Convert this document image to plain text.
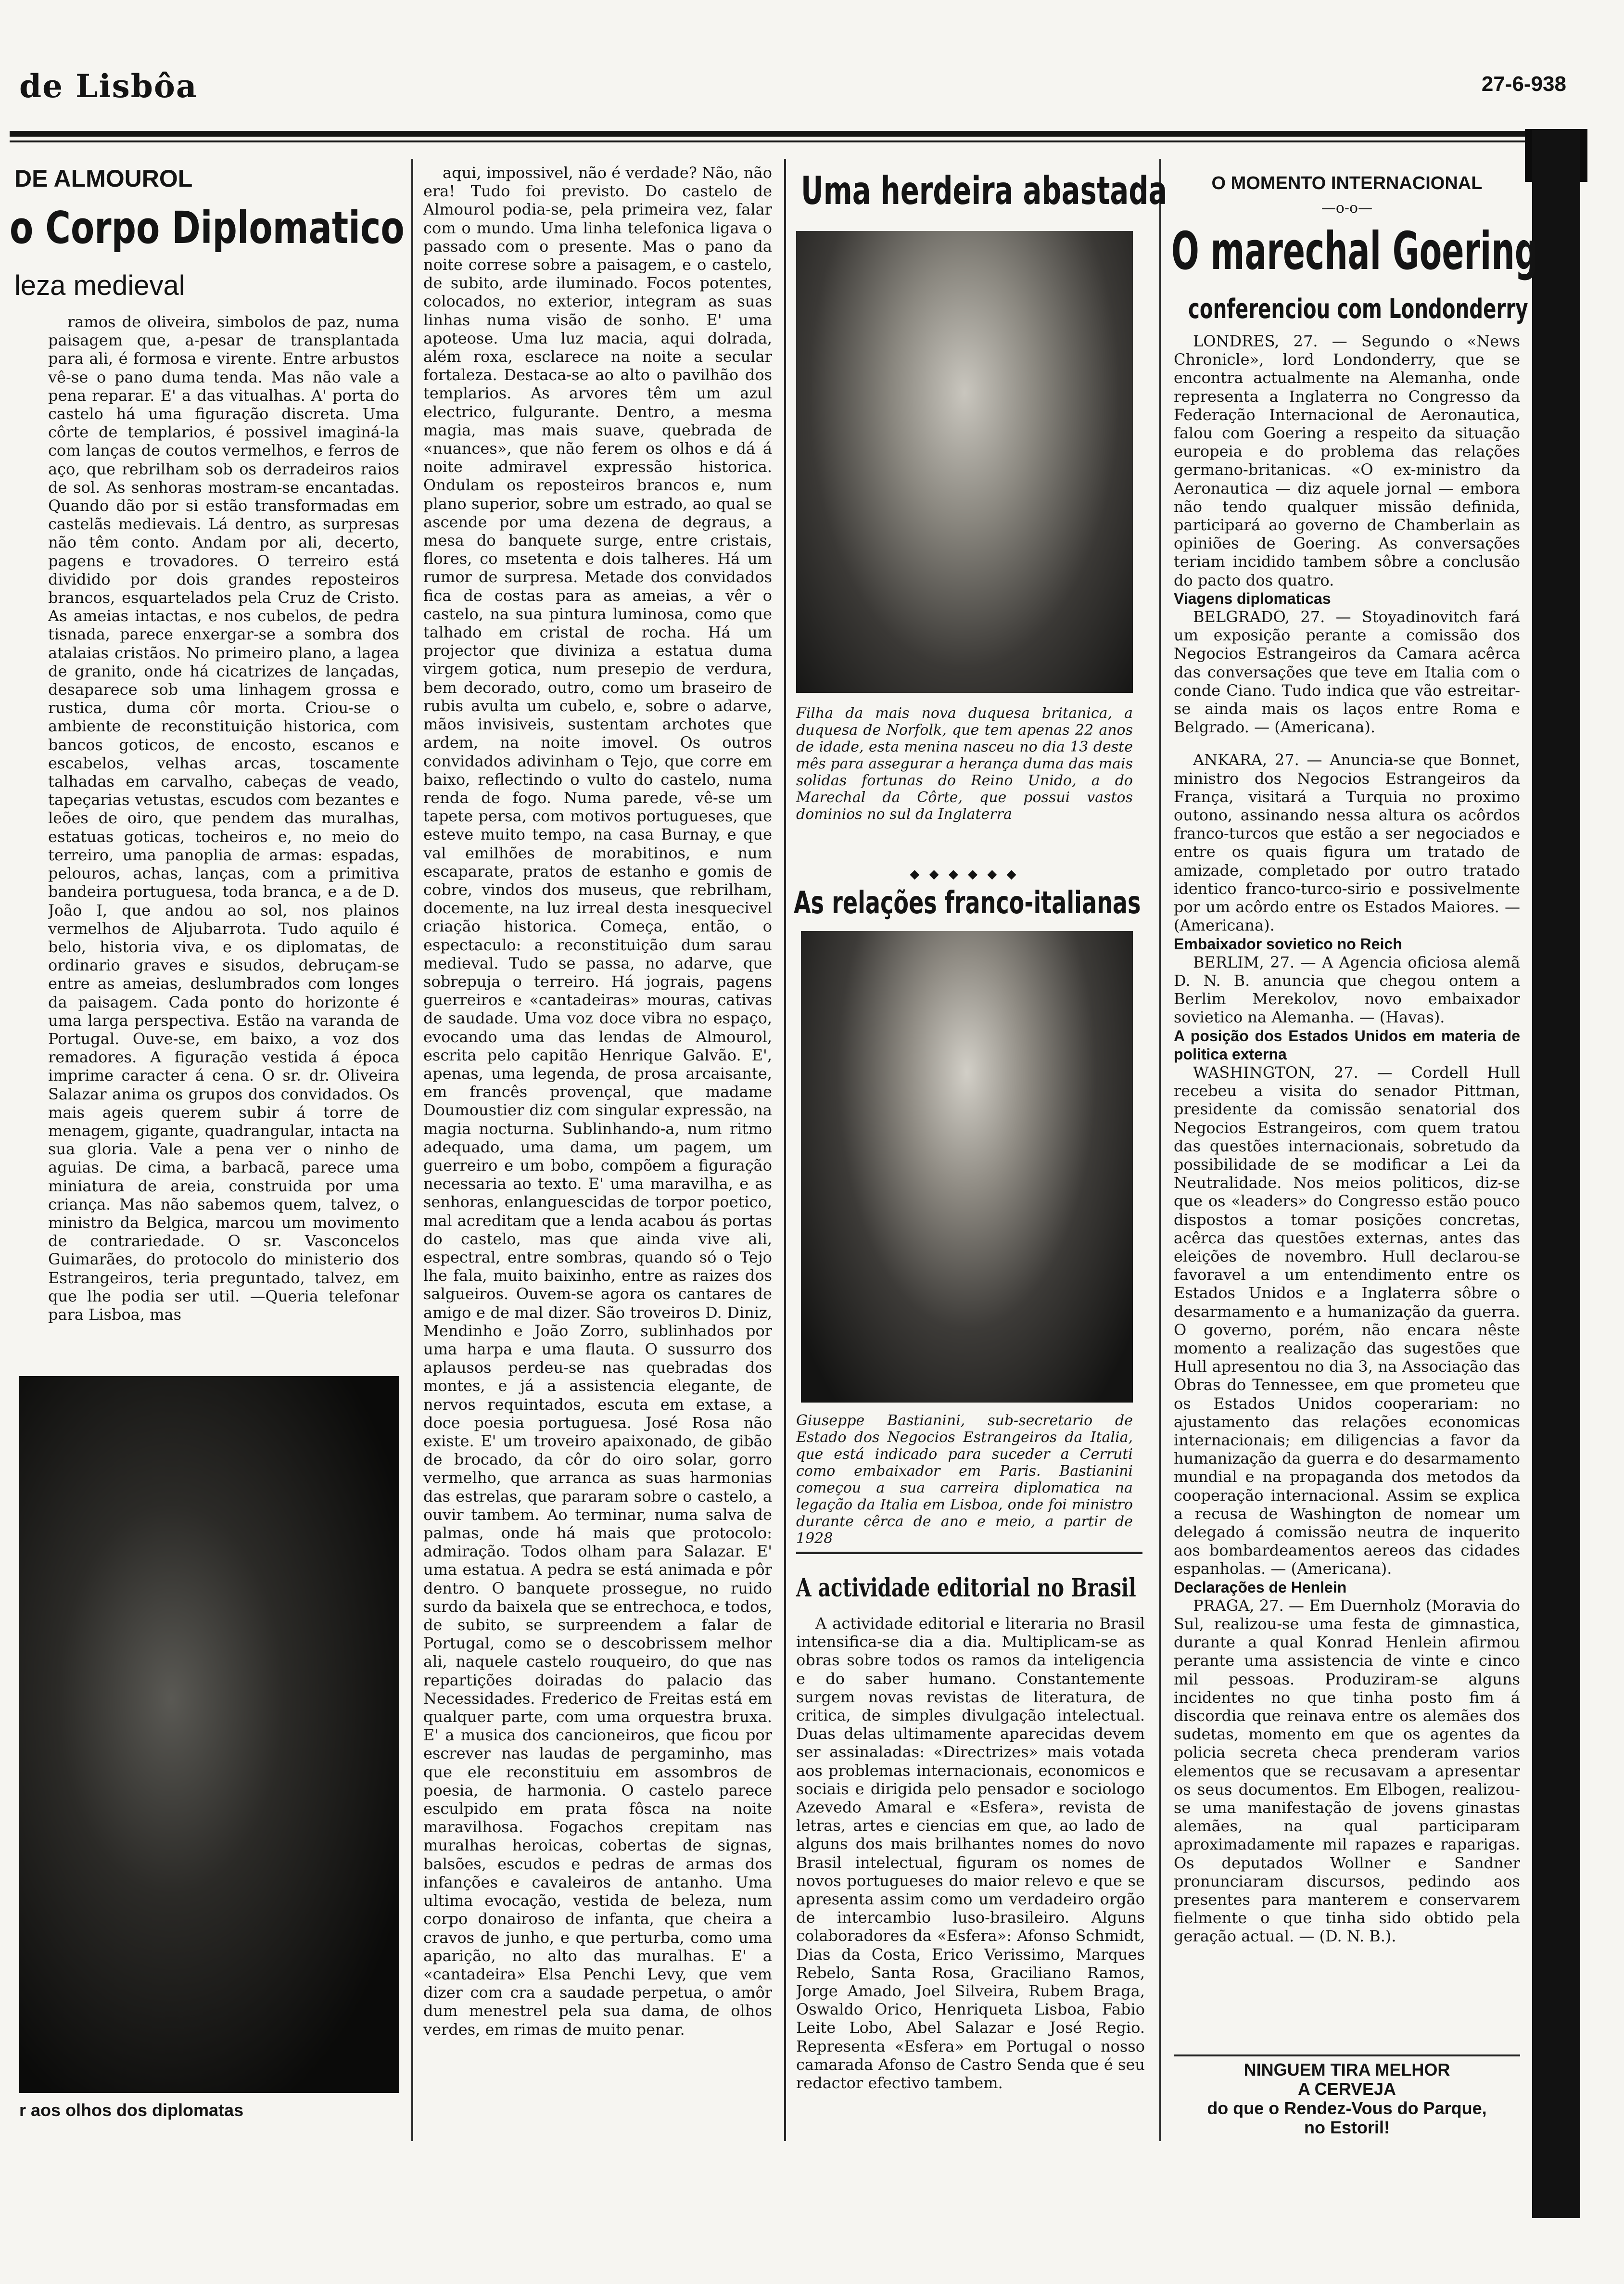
de Lisbôa	27-6-938
DE ALMOUROL
o Corpo Diplomatico
leza medieval

ramos de oliveira, simbolos de paz, numa paisagem que, a-pesar de transplantada para ali, é formosa e virente. Entre arbustos vê-se o pano duma tenda. Mas não vale a pena reparar. E' a das vitualhas. A' porta do castelo há uma figuração discreta. Uma côrte de templarios, é possivel imaginá-la com lanças de coutos vermelhos, e ferros de aço, que rebrilham sob os derradeiros raios de sol. As senhoras mostram-se encantadas. Quando dão por si estão transformadas em castelãs medievais. Lá dentro, as surpresas não têm conto. Andam por ali, decerto, pagens e trovadores. O terreiro está dividido por dois grandes reposteiros brancos, esquartelados pela Cruz de Cristo. As ameias intactas, e nos cubelos, de pedra tisnada, parece enxergar-se a sombra dos atalaias cristãos. No primeiro plano, a lagea de granito, onde há cicatrizes de lançadas, desaparece sob uma linhagem grossa e rustica, duma côr morta. Criou-se o ambiente de reconstituição historica, com bancos goticos, de encosto, escanos e escabelos, velhas arcas, toscamente talhadas em carvalho, cabeças de veado, tapeçarias vetustas, escudos com bezantes e leões de oiro, que pendem das muralhas, estatuas goticas, tocheiros e, no meio do terreiro, uma panoplia de armas: espadas, pelouros, achas, lanças, com a primitiva bandeira portuguesa, toda branca, e a de D. João I, que andou ao sol, nos plainos vermelhos de Aljubarrota. Tudo aquilo é belo, historia viva, e os diplomatas, de ordinario graves e sisudos, debruçam-se entre as ameias, deslumbrados com longes da paisagem. Cada ponto do horizonte é uma larga perspectiva. Estão na varanda de Portugal. Ouve-se, em baixo, a voz dos remadores. A figuração vestida á época imprime caracter á cena. O sr. dr. Oliveira Salazar anima os grupos dos convidados. Os mais ageis querem subir á torre de menagem, gigante, quadrangular, intacta na sua gloria. Vale a pena ver o ninho de aguias. De cima, a barbacã, parece uma miniatura de areia, construida por uma criança. Mas não sabemos quem, talvez, o ministro da Belgica, marcou um movimento de contrariedade. O sr. Vasconcelos Guimarães, do protocolo do ministerio dos Estrangeiros, teria preguntado, talvez, em que lhe podia ser util. —Queria telefonar para Lisboa, mas

r aos olhos dos diplomatas

aqui, impossivel, não é verdade? Não, não era! Tudo foi previsto. Do castelo de Almourol podia-se, pela primeira vez, falar com o mundo. Uma linha telefonica ligava o passado com o presente. Mas o pano da noite correse sobre a paisagem, e o castelo, de subito, arde iluminado. Focos potentes, colocados, no exterior, integram as suas linhas numa visão de sonho. E' uma apoteose. Uma luz macia, aqui dolrada, além roxa, esclarece na noite a secular fortaleza. Destaca-se ao alto o pavilhão dos templarios. As arvores têm um azul electrico, fulgurante. Dentro, a mesma magia, mas mais suave, quebrada de «nuances», que não ferem os olhos e dá á noite admiravel expressão historica. Ondulam os reposteiros brancos e, num plano superior, sobre um estrado, ao qual se ascende por uma dezena de degraus, a mesa do banquete surge, entre cristais, flores, co msetenta e dois talheres. Há um rumor de surpresa. Metade dos convidados fica de costas para as ameias, a vêr o castelo, na sua pintura luminosa, como que talhado em cristal de rocha. Há um projector que diviniza a estatua duma virgem gotica, num presepio de verdura, bem decorado, outro, como um braseiro de rubis avulta um cubelo, e, sobre o adarve, mãos invisiveis, sustentam archotes que ardem, na noite imovel. Os outros convidados adivinham o Tejo, que corre em baixo, reflectindo o vulto do castelo, numa renda de fogo. Numa parede, vê-se um tapete persa, com motivos portugueses, que esteve muito tempo, na casa Burnay, e que val emilhões de morabitinos, e num escaparate, pratos de estanho e gomis de cobre, vindos dos museus, que rebrilham, docemente, na luz irreal desta inesquecivel criação historica. Começa, então, o espectaculo: a reconstituição dum sarau medieval. Tudo se passa, no adarve, que sobrepuja o terreiro. Há jograis, pagens guerreiros e «cantadeiras» mouras, cativas de saudade. Uma voz doce vibra no espaço, evocando uma das lendas de Almourol, escrita pelo capitão Henrique Galvão. E', apenas, uma legenda, de prosa arcaisante, em francês provençal, que madame Doumoustier diz com singular expressão, na magia nocturna. Sublinhando-a, num ritmo adequado, uma dama, um pagem, um guerreiro e um bobo, compõem a figuração necessaria ao texto. E' uma maravilha, e as senhoras, enlanguescidas de torpor poetico, mal acreditam que a lenda acabou ás portas do castelo, mas que ainda vive ali, espectral, entre sombras, quando só o Tejo lhe fala, muito baixinho, entre as raizes dos salgueiros. Ouvem-se agora os cantares de amigo e de mal dizer. São troveiros D. Diniz, Mendinho e João Zorro, sublinhados por uma harpa e uma flauta. O sussurro dos aplausos perdeu-se nas quebradas dos montes, e já a assistencia elegante, de nervos requintados, escuta em extase, a doce poesia portuguesa. José Rosa não existe. E' um troveiro apaixonado, de gibão de brocado, da côr do oiro solar, gorro vermelho, que arranca as suas harmonias das estrelas, que pararam sobre o castelo, a ouvir tambem. Ao terminar, numa salva de palmas, onde há mais que protocolo: admiração. Todos olham para Salazar. E' uma estatua. A pedra se está animada e pôr dentro. O banquete prossegue, no ruido surdo da baixela que se entrechoca, e todos, de subito, se surpreendem a falar de Portugal, como se o descobrissem melhor ali, naquele castelo rouqueiro, do que nas repartições doiradas do palacio das Necessidades. Frederico de Freitas está em qualquer parte, com uma orquestra bruxa. E' a musica dos cancioneiros, que ficou por escrever nas laudas de pergaminho, mas que ele reconstituiu em assombros de poesia, de harmonia. O castelo parece esculpido em prata fôsca na noite maravilhosa. Fogachos crepitam nas muralhas heroicas, cobertas de signas, balsões, escudos e pedras de armas dos infanções e cavaleiros de antanho. Uma ultima evocação, vestida de beleza, num corpo donairoso de infanta, que cheira a cravos de junho, e que perturba, como uma aparição, no alto das muralhas. E' a «cantadeira» Elsa Penchi Levy, que vem dizer com cra a saudade perpetua, o amôr dum menestrel pela sua dama, de olhos verdes, em rimas de muito penar.

Uma herdeira abastada
Filha da mais nova duquesa britanica, a duquesa de Norfolk, que tem apenas 22 anos de idade, esta menina nasceu no dia 13 deste mês para assegurar a herança duma das mais solidas fortunas do Reino Unido, a do Marechal da Côrte, que possui vastos dominios no sul da Inglaterra
◆ ◆ ◆ ◆ ◆ ◆
As relações franco-italianas
Giuseppe Bastianini, sub-secretario de Estado dos Negocios Estrangeiros da Italia, que está indicado para suceder a Cerruti como embaixador em Paris. Bastianini começou a sua carreira diplomatica na legação da Italia em Lisboa, onde foi ministro durante cêrca de ano e meio, a partir de 1928
A actividade editorial no Brasil

A actividade editorial e literaria no Brasil intensifica-se dia a dia. Multiplicam-se as obras sobre todos os ramos da inteligencia e do saber humano. Constantemente surgem novas revistas de literatura, de critica, de simples divulgação intelectual. Duas delas ultimamente aparecidas devem ser assinaladas: «Directrizes» mais votada aos problemas internacionais, economicos e sociais e dirigida pelo pensador e sociologo Azevedo Amaral e «Esfera», revista de letras, artes e ciencias em que, ao lado de alguns dos mais brilhantes nomes do novo Brasil intelectual, figuram os nomes de novos portugueses do maior relevo e que se apresenta assim como um verdadeiro orgão de intercambio luso-brasileiro. Alguns colaboradores da «Esfera»: Afonso Schmidt, Dias da Costa, Erico Verissimo, Marques Rebelo, Santa Rosa, Graciliano Ramos, Jorge Amado, Joel Silveira, Rubem Braga, Oswaldo Orico, Henriqueta Lisboa, Fabio Leite Lobo, Abel Salazar e José Regio. Representa «Esfera» em Portugal o nosso camarada Afonso de Castro Senda que é seu redactor efectivo tambem.

O MOMENTO INTERNACIONAL
—o-o—
O marechal Goering
conferenciou com Londonderry

LONDRES, 27. — Segundo o «News Chronicle», lord Londonderry, que se encontra actualmente na Alemanha, onde representa a Inglaterra no Congresso da Federação Internacional de Aeronautica, falou com Goering a respeito da situação europeia e do problema das relações germano-britanicas. «O ex-ministro da Aeronautica — diz aquele jornal — embora não tendo qualquer missão definida, participará ao governo de Chamberlain as opiniões de Goering. As conversações teriam incidido tambem sôbre a conclusão do pacto dos quatro.

Viagens diplomaticas

BELGRADO, 27. — Stoyadinovitch fará um exposição perante a comissão dos Negocios Estrangeiros da Camara acêrca das conversações que teve em Italia com o conde Ciano. Tudo indica que vão estreitar-se ainda mais os laços entre Roma e Belgrado. — (Americana).

ANKARA, 27. — Anuncia-se que Bonnet, ministro dos Negocios Estrangeiros da França, visitará a Turquia no proximo outono, assinando nessa altura os acôrdos franco-turcos que estão a ser negociados e entre os quais figura um tratado de amizade, completado por outro tratado identico franco-turco-sirio e possivelmente por um acôrdo entre os Estados Maiores. — (Americana).

Embaixador sovietico no Reich

BERLIM, 27. — A Agencia oficiosa alemã D. N. B. anuncia que chegou ontem a Berlim Merekolov, novo embaixador sovietico na Alemanha. — (Havas).

A posição dos Estados Unidos em materia de politica externa

WASHINGTON, 27. — Cordell Hull recebeu a visita do senador Pittman, presidente da comissão senatorial dos Negocios Estrangeiros, com quem tratou das questões internacionais, sobretudo da possibilidade de se modificar a Lei da Neutralidade. Nos meios politicos, diz-se que os «leaders» do Congresso estão pouco dispostos a tomar posições concretas, acêrca das questões externas, antes das eleições de novembro. Hull declarou-se favoravel a um entendimento entre os Estados Unidos e a Inglaterra sôbre o desarmamento e a humanização da guerra. O governo, porém, não encara nêste momento a realização das sugestões que Hull apresentou no dia 3, na Associação das Obras do Tennessee, em que prometeu que os Estados Unidos cooperariam: no ajustamento das relações economicas internacionais; em diligencias a favor da humanização da guerra e do desarmamento mundial e na propaganda dos metodos da cooperação internacional. Assim se explica a recusa de Washington de nomear um delegado á comissão neutra de inquerito aos bombardeamentos aereos das cidades espanholas. — (Americana).

Declarações de Henlein

PRAGA, 27. — Em Duernholz (Moravia do Sul, realizou-se uma festa de gimnastica, durante a qual Konrad Henlein afirmou perante uma assistencia de vinte e cinco mil pessoas. Produziram-se alguns incidentes no que tinha posto fim á discordia que reinava entre os alemães dos sudetas, momento em que os agentes da policia secreta checa prenderam varios elementos que se recusavam a apresentar os seus documentos. Em Elbogen, realizou-se uma manifestação de jovens ginastas alemães, na qual participaram aproximadamente mil rapazes e raparigas. Os deputados Wollner e Sandner pronunciaram discursos, pedindo aos presentes para manterem e conservarem fielmente o que tinha sido obtido pela geração actual. — (D. N. B.).

NINGUEM TIRA MELHOR
A CERVEJA
do que o Rendez-Vous do Parque,
no Estoril!
